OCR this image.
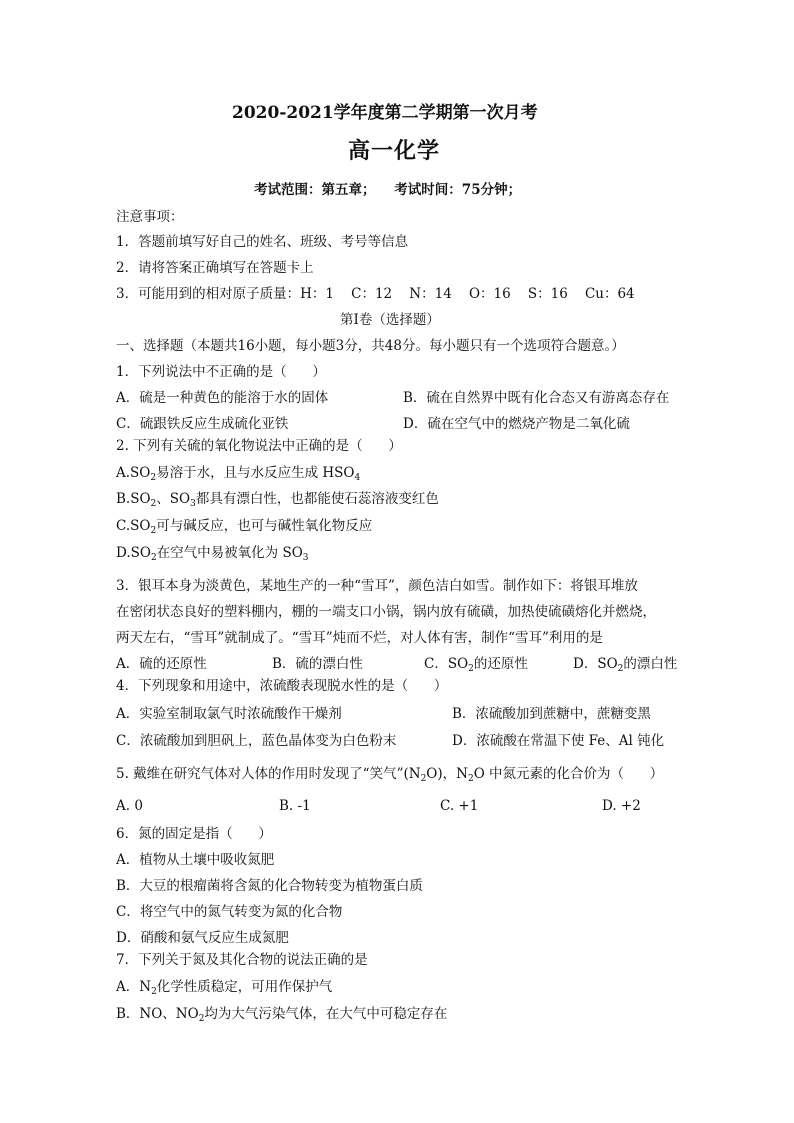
2020-2021学年度第二学期第一次月考
高一化学
考试范围：第五章；    考试时间：75分钟；
注意事项：
1．答题前填写好自己的姓名、班级、考号等信息
2．请将答案正确填写在答题卡上
3．可能用到的相对原子质量：H：1    C：12    N：14    O：16    S：16    Cu：64
第I卷（选择题）
一、选择题（本题共16小题，每小题3分，共48分。每小题只有一个选项符合题意。）
1．下列说法中不正确的是（      ）
A．硫是一种黄色的能溶于水的固体	B．硫在自然界中既有化合态又有游离态存在
C．硫跟铁反应生成硫化亚铁	D．硫在空气中的燃烧产物是二氧化硫
2. 下列有关硫的氧化物说法中正确的是（      ）
$A.SO_2$易溶于水，且与水反应生成 $HSO_4$
$B.SO_2$、$SO_3$都具有漂白性，也都能使石蕊溶液变红色
$C.SO_2$可与碱反应，也可与碱性氧化物反应
$D.SO_2$在空气中易被氧化为 $SO_3$
3．银耳本身为淡黄色，某地生产的一种“雪耳”，颜色洁白如雪。制作如下：将银耳堆放
在密闭状态良好的塑料棚内，棚的一端支口小锅，锅内放有硫磺，加热使硫磺熔化并燃烧，
两天左右，“雪耳”就制成了。“雪耳”炖而不烂，对人体有害，制作“雪耳”利用的是
A．硫的还原性	B．硫的漂白性	C．$SO_2$的还原性	D．$SO_2$的漂白性
4．下列现象和用途中，浓硫酸表现脱水性的是（      ）
A．实验室制取氯气时浓硫酸作干燥剂	B．浓硫酸加到蔗糖中，蔗糖变黑
C．浓硫酸加到胆矾上，蓝色晶体变为白色粉末	D．浓硫酸在常温下使 Fe、Al 钝化
5. 戴维在研究气体对人体的作用时发现了“笑气$”(N_2O)$，$N_2O$ 中氮元素的化合价为（      ）
A. 0	B. -1	C. +1	D. +2
6．氮的固定是指（      ）
A．植物从土壤中吸收氮肥
B．大豆的根瘤菌将含氮的化合物转变为植物蛋白质
C．将空气中的氮气转变为氮的化合物
D．硝酸和氨气反应生成氮肥
7．下列关于氮及其化合物的说法正确的是
A．$N_2$化学性质稳定，可用作保护气
B．NO、$NO_2$均为大气污染气体，在大气中可稳定存在
